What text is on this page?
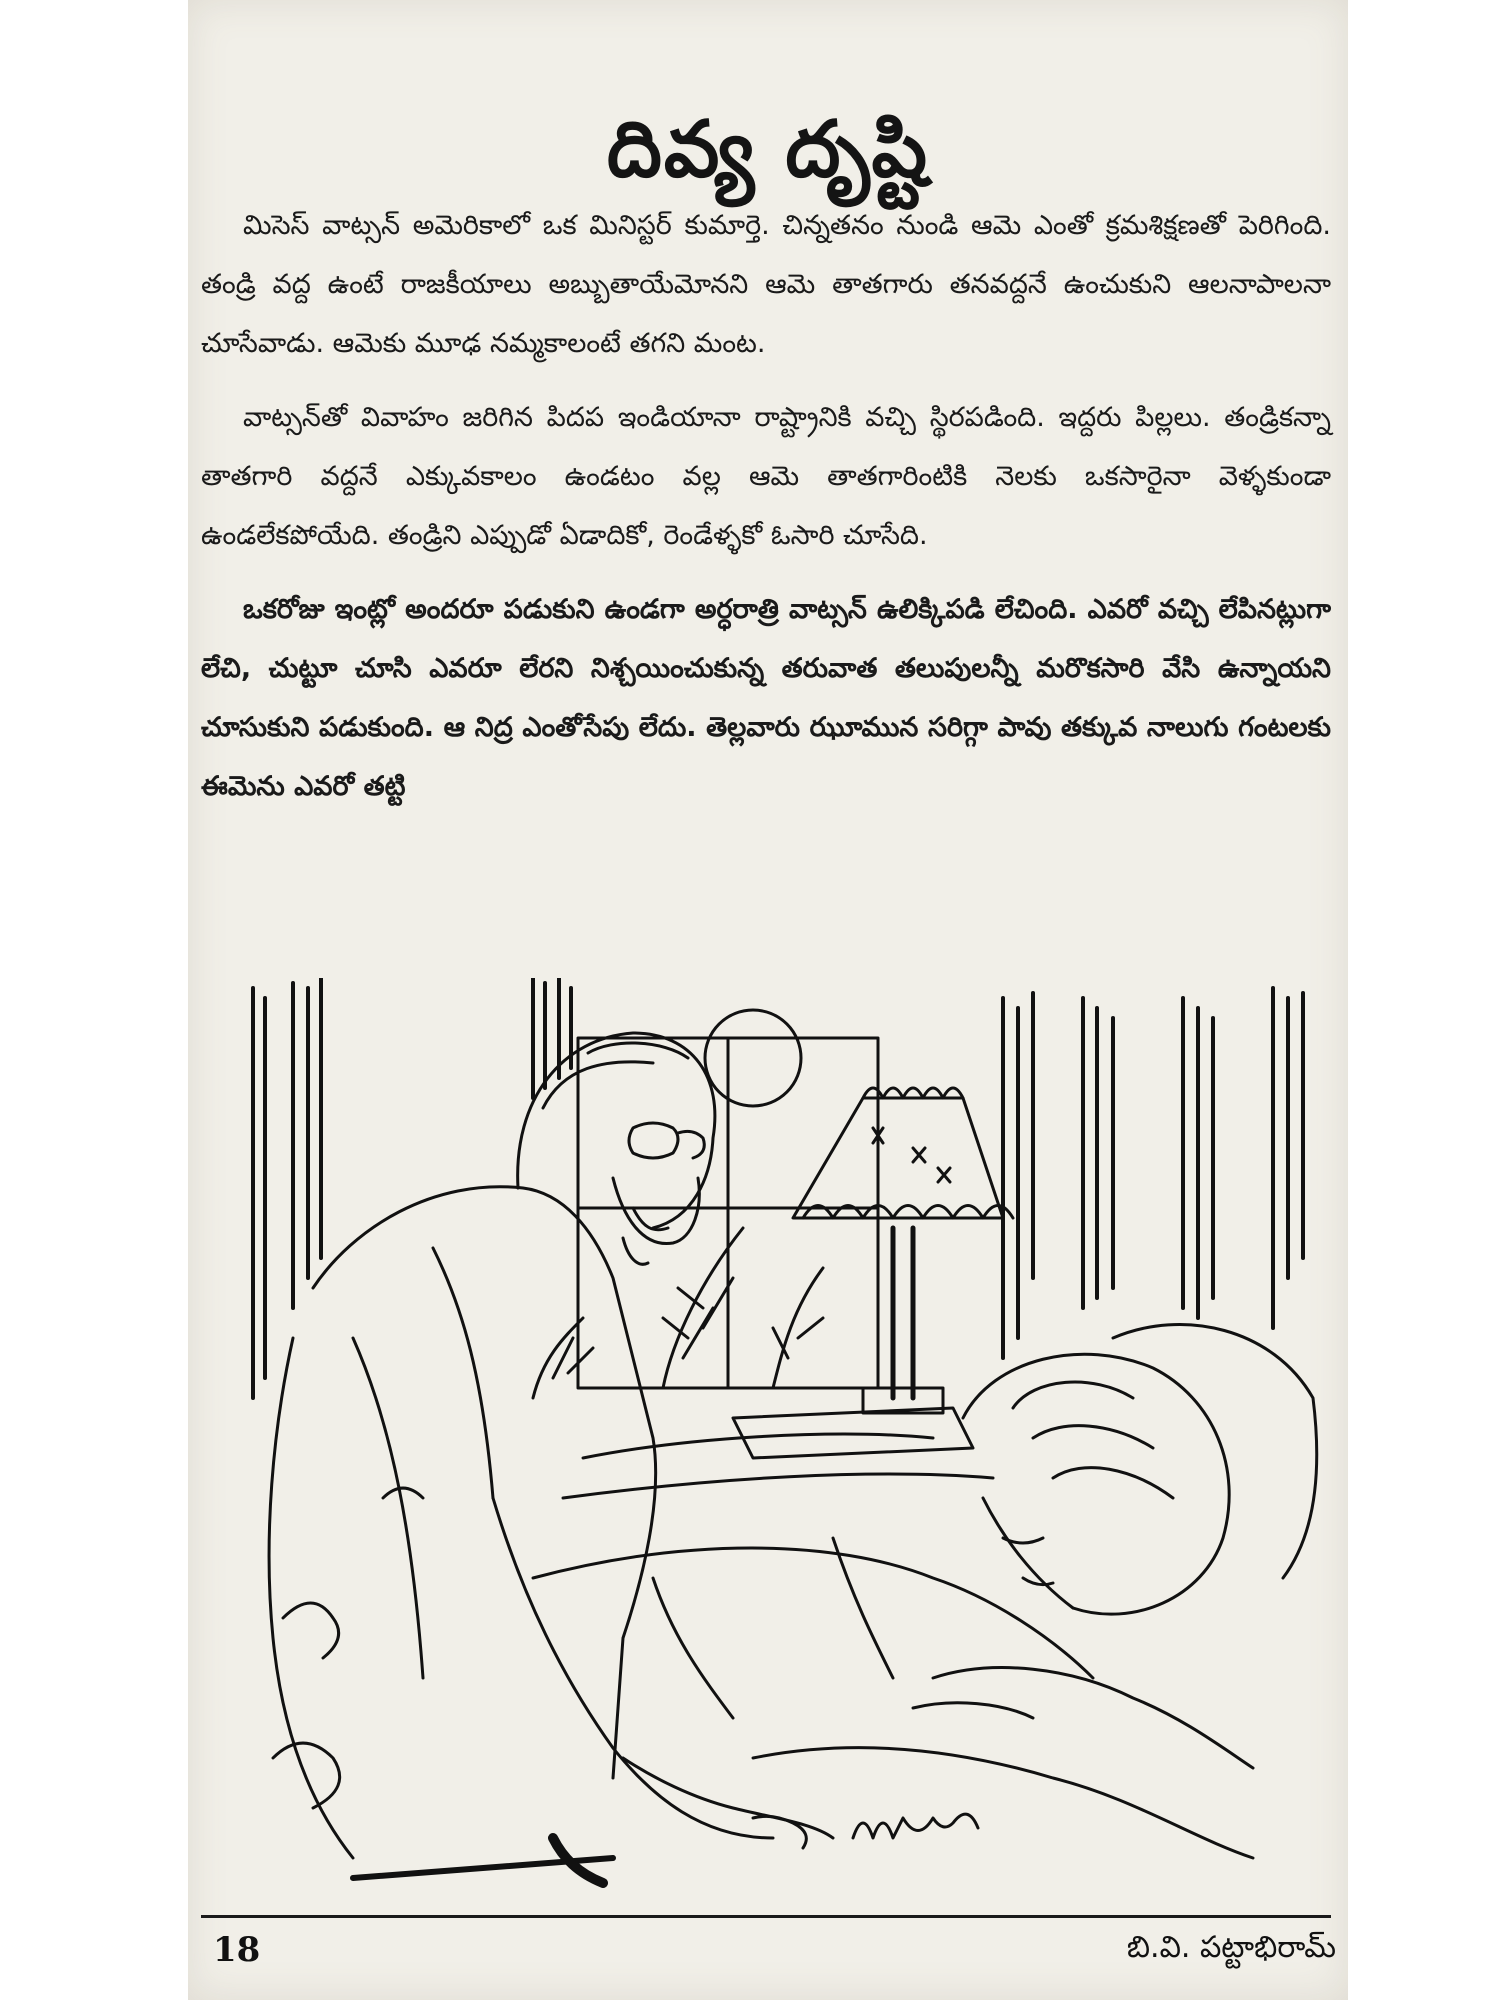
దివ్య దృష్టి

మిసెస్ వాట్సన్ అమెరికాలో ఒక మినిస్టర్ కుమార్తె. చిన్నతనం నుండి ఆమె ఎంతో క్రమశిక్షణతో పెరిగింది. తండ్రి వద్ద ఉంటే రాజకీయాలు అబ్బుతాయేమోనని ఆమె తాతగారు తనవద్దనే ఉంచుకుని ఆలనాపాలనా చూసేవాడు. ఆమెకు మూఢ నమ్మకాలంటే తగని మంట.

వాట్సన్‌తో వివాహం జరిగిన పిదప ఇండియానా రాష్ట్రానికి వచ్చి స్థిరపడింది. ఇద్దరు పిల్లలు. తండ్రికన్నా తాతగారి వద్దనే ఎక్కువకాలం ఉండటం వల్ల ఆమె తాతగారింటికి నెలకు ఒకసారైనా వెళ్ళకుండా ఉండలేకపోయేది. తండ్రిని ఎప్పుడో ఏడాదికో, రెండేళ్ళకో ఓసారి చూసేది.

ఒకరోజు ఇంట్లో అందరూ పడుకుని ఉండగా అర్ధరాత్రి వాట్సన్ ఉలిక్కిపడి లేచింది. ఎవరో వచ్చి లేపినట్లుగా లేచి, చుట్టూ చూసి ఎవరూ లేరని నిశ్చయించుకున్న తరువాత తలుపులన్నీ మరొకసారి వేసి ఉన్నాయని చూసుకుని పడుకుంది. ఆ నిద్ర ఎంతోసేపు లేదు. తెల్లవారు ఝూమున సరిగ్గా పావు తక్కువ నాలుగు గంటలకు ఈమెను ఎవరో తట్టి

18	బి.వి. పట్టాభిరామ్
